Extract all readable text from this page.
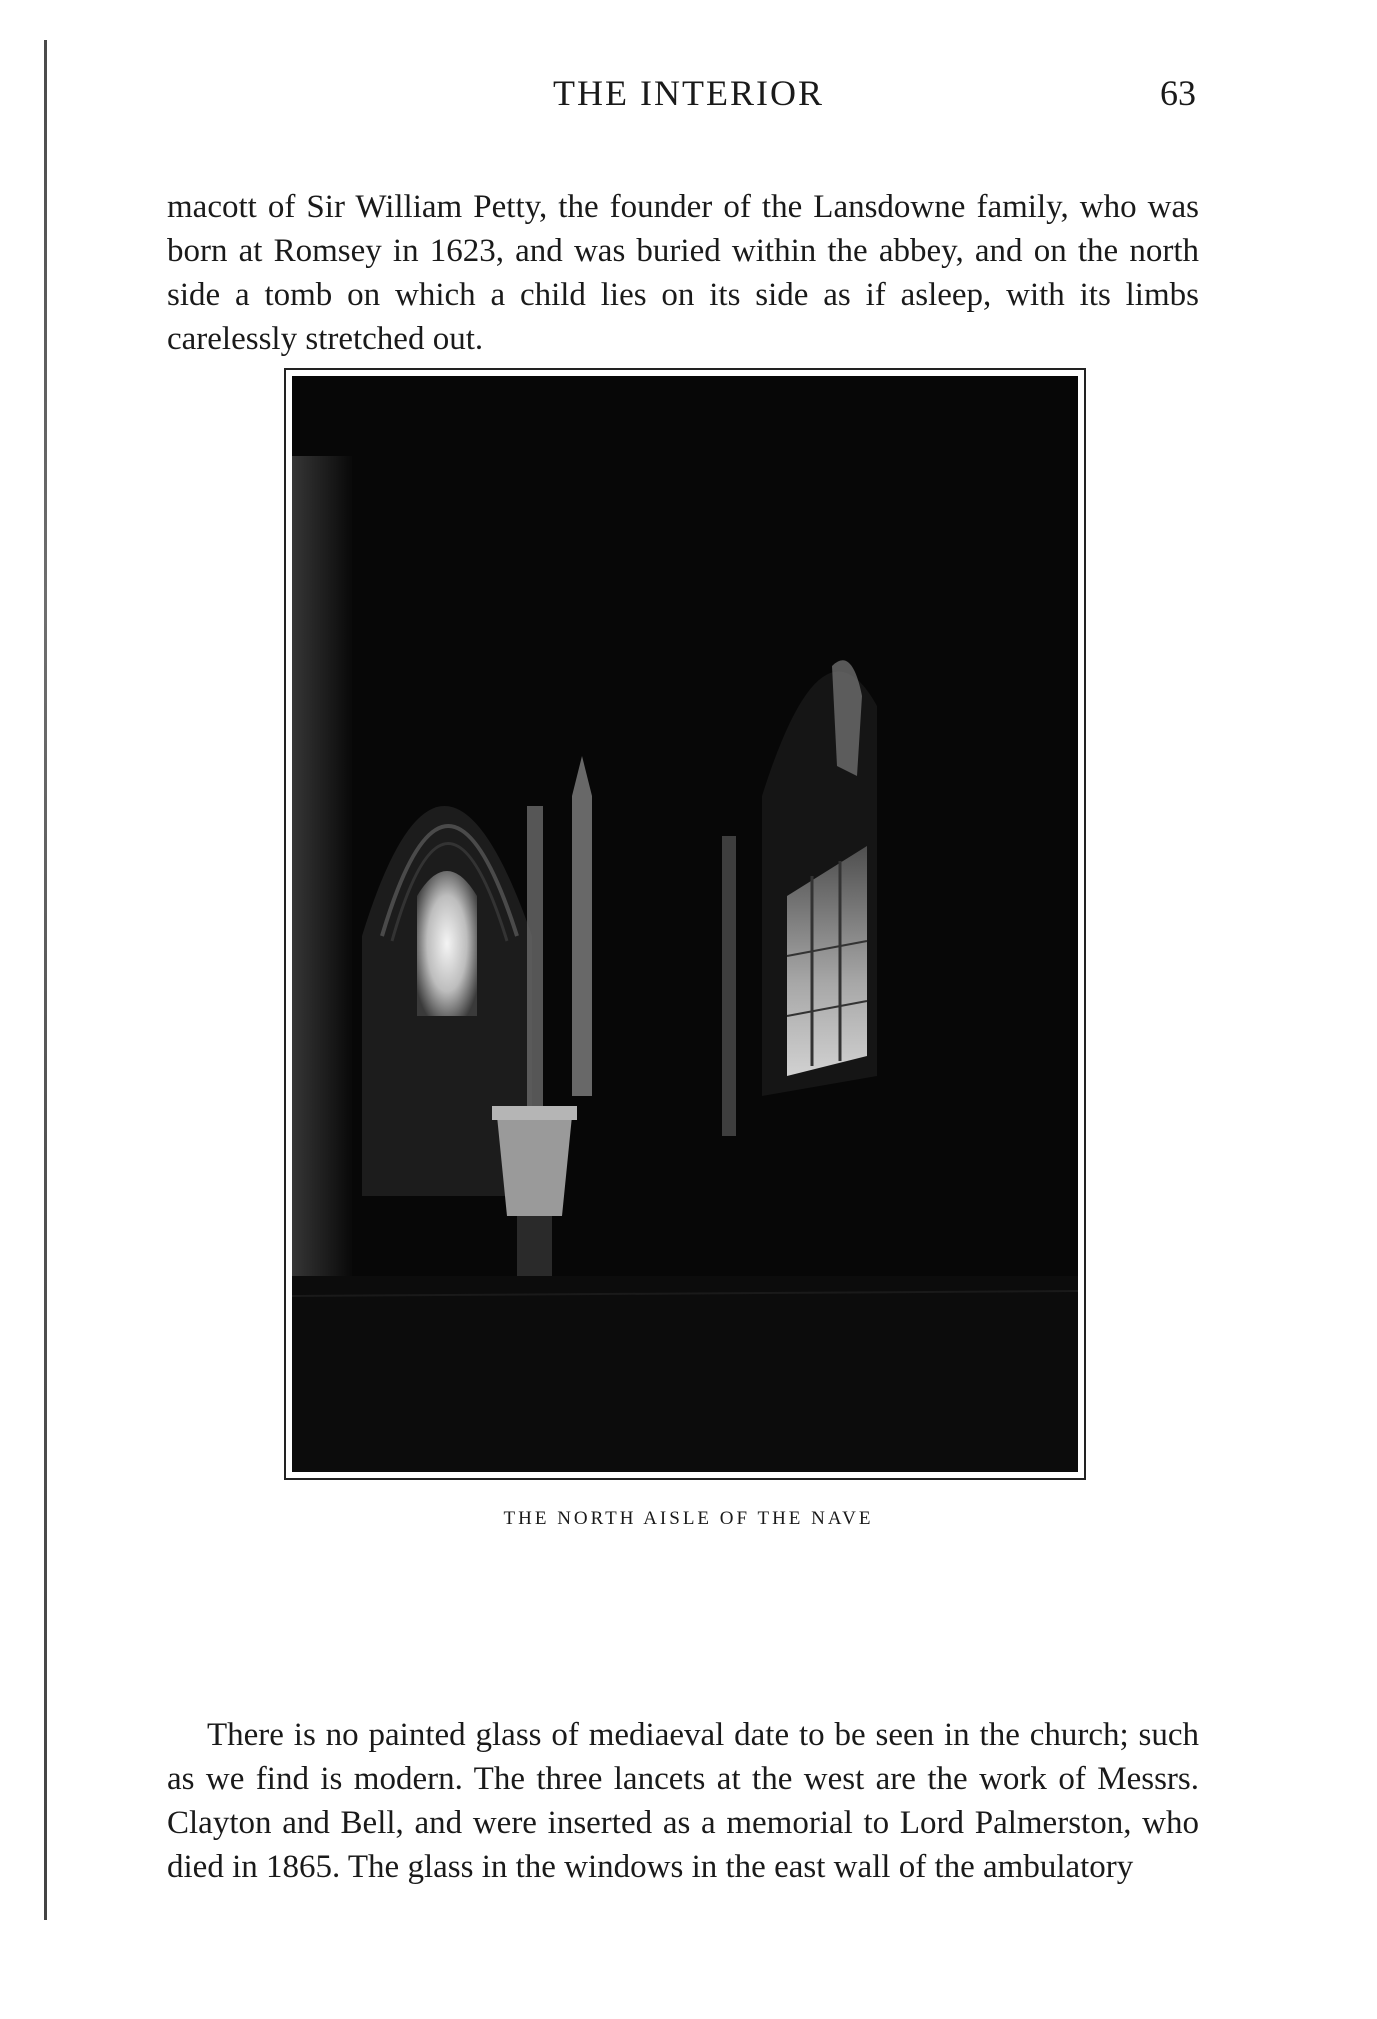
THE INTERIOR	63

macott of Sir William Petty, the founder of the Lansdowne family, who was born at Romsey in 1623, and was buried within the abbey, and on the north side a tomb on which a child lies on its side as if asleep, with its limbs carelessly stretched out.

THE NORTH AISLE OF THE NAVE

There is no painted glass of mediaeval date to be seen in the church; such as we find is modern. The three lancets at the west are the work of Messrs. Clayton and Bell, and were inserted as a memorial to Lord Palmerston, who died in 1865. The glass in the windows in the east wall of the ambulatory
